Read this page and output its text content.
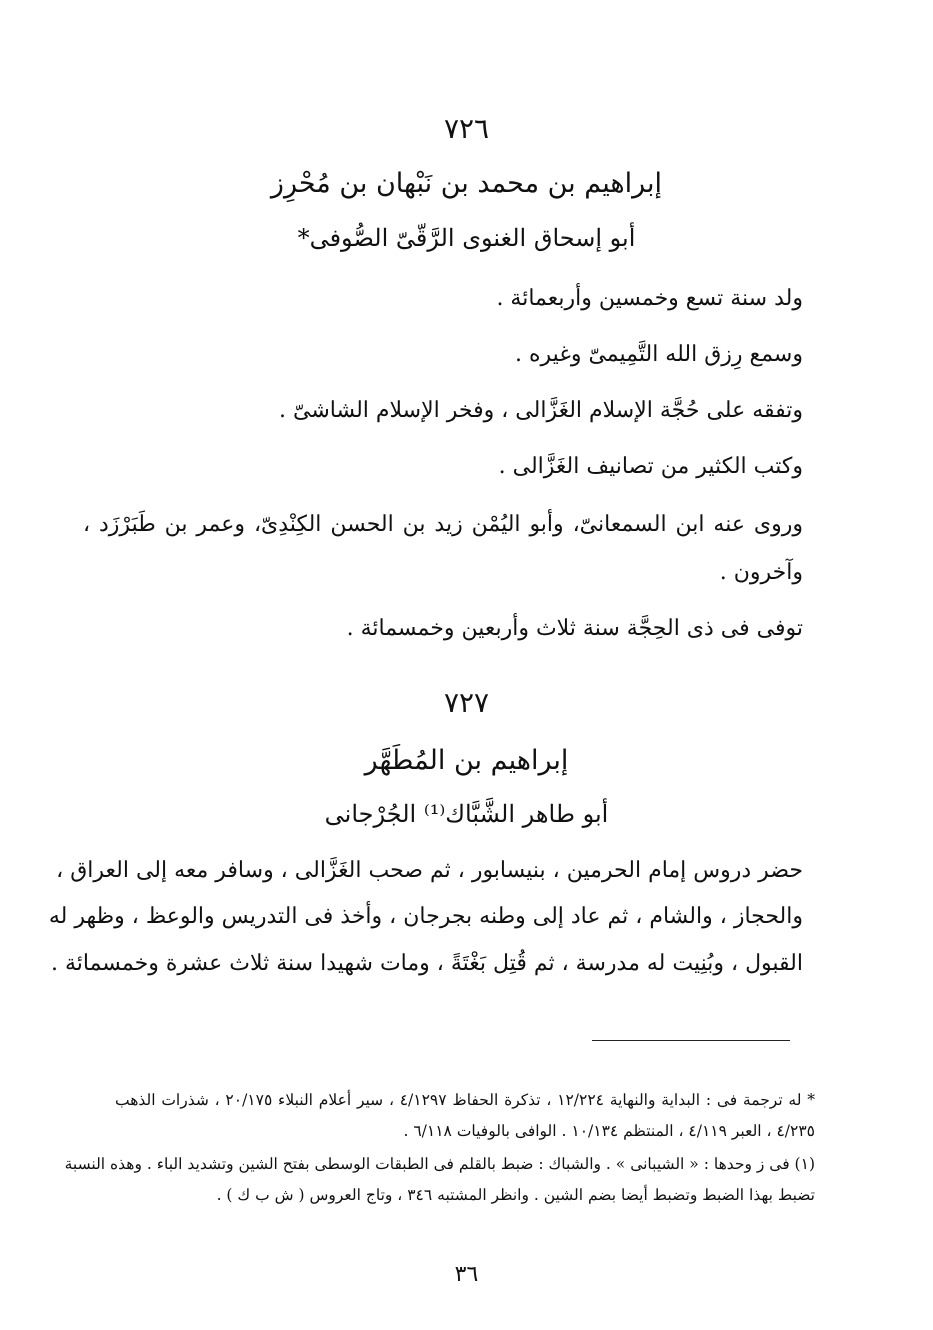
٧٢٦
إبراهيم بن محمد بن نَبْهان بن مُحْرِز
أبو إسحاق الغنوى الرَّقّىّ الصُّوفى*
ولد سنة تسع وخمسين وأربعمائة .
وسمع رِزق الله التَّمِيمىّ وغيره .
وتفقه على حُجَّة الإسلام الغَزَّالى ، وفخر الإسلام الشاشىّ .
وكتب الكثير من تصانيف الغَزَّالى .
وروى عنه ابن السمعانىّ، وأبو اليُمْن زيد بن الحسن الكِنْدِىّ، وعمر بن طَبَرْزَد ،
وآخرون .
توفى فى ذى الحِجَّة سنة ثلاث وأربعين وخمسمائة .
٧٢٧
إبراهيم بن المُطَهَّر
أبو طاهر الشَّبَّاك⁽¹⁾ الجُرْجانى
حضر دروس إمام الحرمين ، بنيسابور ، ثم صحب الغَزَّالى ، وسافر معه إلى العراق ،
والحجاز ، والشام ، ثم عاد إلى وطنه بجرجان ، وأخذ فى التدريس والوعظ ، وظهر له
القبول ، وبُنِيت له مدرسة ، ثم قُتِل بَغْتَةً ، ومات شهيدا سنة ثلاث عشرة وخمسمائة .
* له ترجمة فى : البداية والنهاية ١٢/٢٢٤ ، تذكرة الحفاظ ٤/١٢٩٧ ، سير أعلام النبلاء ٢٠/١٧٥ ، شذرات الذهب
٤/٢٣٥ ، العبر ٤/١١٩ ، المنتظم ١٠/١٣٤ . الوافى بالوفيات ٦/١١٨ .
(١) فى ز وحدها : « الشيبانى » . والشباك : ضبط بالقلم فى الطبقات الوسطى بفتح الشين وتشديد الباء . وهذه النسبة
تضبط بهذا الضبط وتضبط أيضا بضم الشين . وانظر المشتبه ٣٤٦ ، وتاج العروس ( ش ب ك ) .
٣٦
